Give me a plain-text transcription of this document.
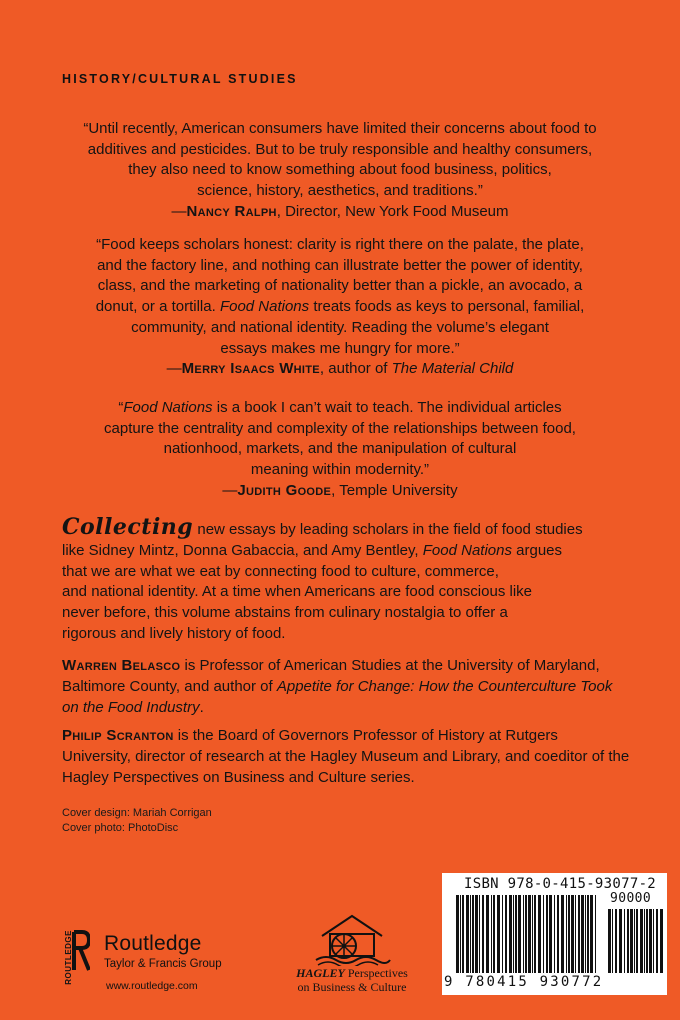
HISTORY/CULTURAL STUDIES

“Until recently, American consumers have limited their concerns about food to

additives and pesticides. But to be truly responsible and healthy consumers,

they also need to know something about food business, politics,

science, history, aesthetics, and traditions.”

—Nancy Ralph, Director, New York Food Museum

“Food keeps scholars honest: clarity is right there on the palate, the plate,

and the factory line, and nothing can illustrate better the power of identity,

class, and the marketing of nationality better than a pickle, an avocado, a

donut, or a tortilla. Food Nations treats foods as keys to personal, familial,

community, and national identity. Reading the volume’s elegant

essays makes me hungry for more.”

—Merry Isaacs White, author of The Material Child

“Food Nations is a book I can’t wait to teach. The individual articles

capture the centrality and complexity of the relationships between food,

nationhood, markets, and the manipulation of cultural

meaning within modernity.”

—Judith Goode, Temple University

Collecting new essays by leading scholars in the field of food studies
like Sidney Mintz, Donna Gabaccia, and Amy Bentley, Food Nations argues
that we are what we eat by connecting food to culture, commerce,
and national identity. At a time when Americans are food conscious like
never before, this volume abstains from culinary nostalgia to offer a
rigorous and lively history of food.

Warren Belasco is Professor of American Studies at the University of Maryland, Baltimore County, and author of Appetite for Change: How the Counterculture Took on the Food Industry.

Philip Scranton is the Board of Governors Professor of History at Rutgers University, director of research at the Hagley Museum and Library, and coeditor of the Hagley Perspectives on Business and Culture series.

Cover design: Mariah Corrigan
Cover photo: PhotoDisc
ROUTLEDGE Routledge
Taylor & Francis Group
www.routledge.com
HAGLEY Perspectives
on Business & Culture
ISBN 978-0-415-93077-2
90000
9 780415 930772
